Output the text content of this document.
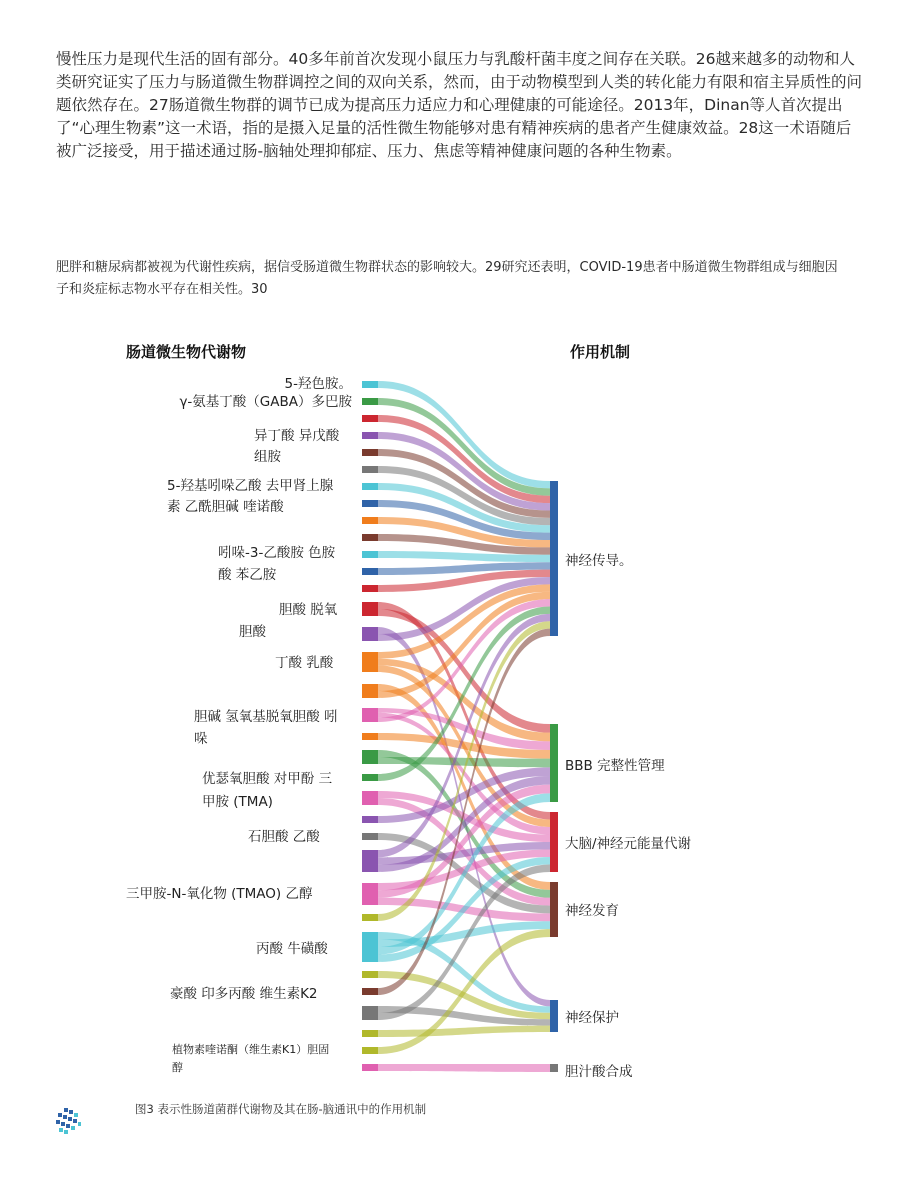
慢性压力是现代生活的固有部分。40多年前首次发现小鼠压力与乳酸杆菌丰度之间存在关联。26越来越多的动物和人类研究证实了压力与肠道微生物群调控之间的双向关系，然而，由于动物模型到人类的转化能力有限和宿主异质性的问题依然存在。27肠道微生物群的调节已成为提高压力适应力和心理健康的可能途径。2013年，Dinan等人首次提出了“心理生物素”这一术语，指的是摄入足量的活性微生物能够对患有精神疾病的患者产生健康效益。28这一术语随后被广泛接受，用于描述通过肠-脑轴处理抑郁症、压力、焦虑等精神健康问题的各种生物素。
肥胖和糖尿病都被视为代谢性疾病，据信受肠道微生物群状态的影响较大。29研究还表明，COVID-19患者中肠道微生物群组成与细胞因子和炎症标志物水平存在相关性。30
肠道微生物代谢物	作用机制
5-羟色胺。
γ-氨基丁酸（GABA）多巴胺
异丁酸 异戊酸
组胺
5-羟基吲哚乙酸 去甲肾上腺
素 乙酰胆碱 喹诺酸
吲哚-3-乙酸胺 色胺
酸 苯乙胺
胆酸 脱氧
胆酸
丁酸 乳酸
胆碱 氢氧基脱氧胆酸 吲
哚
优瑟氧胆酸 对甲酚 三
甲胺 (TMA)
石胆酸 乙酸
三甲胺-N-氧化物 (TMAO) 乙醇
丙酸 牛磺酸
豪酸 印多丙酸 维生素K2
植物素喹诺酮（维生素K1）胆固
醇
神经传导。
BBB 完整性管理
大脑/神经元能量代谢
神经发育
神经保护
胆汁酸合成
图3 表示性肠道菌群代谢物及其在肠-脑通讯中的作用机制
